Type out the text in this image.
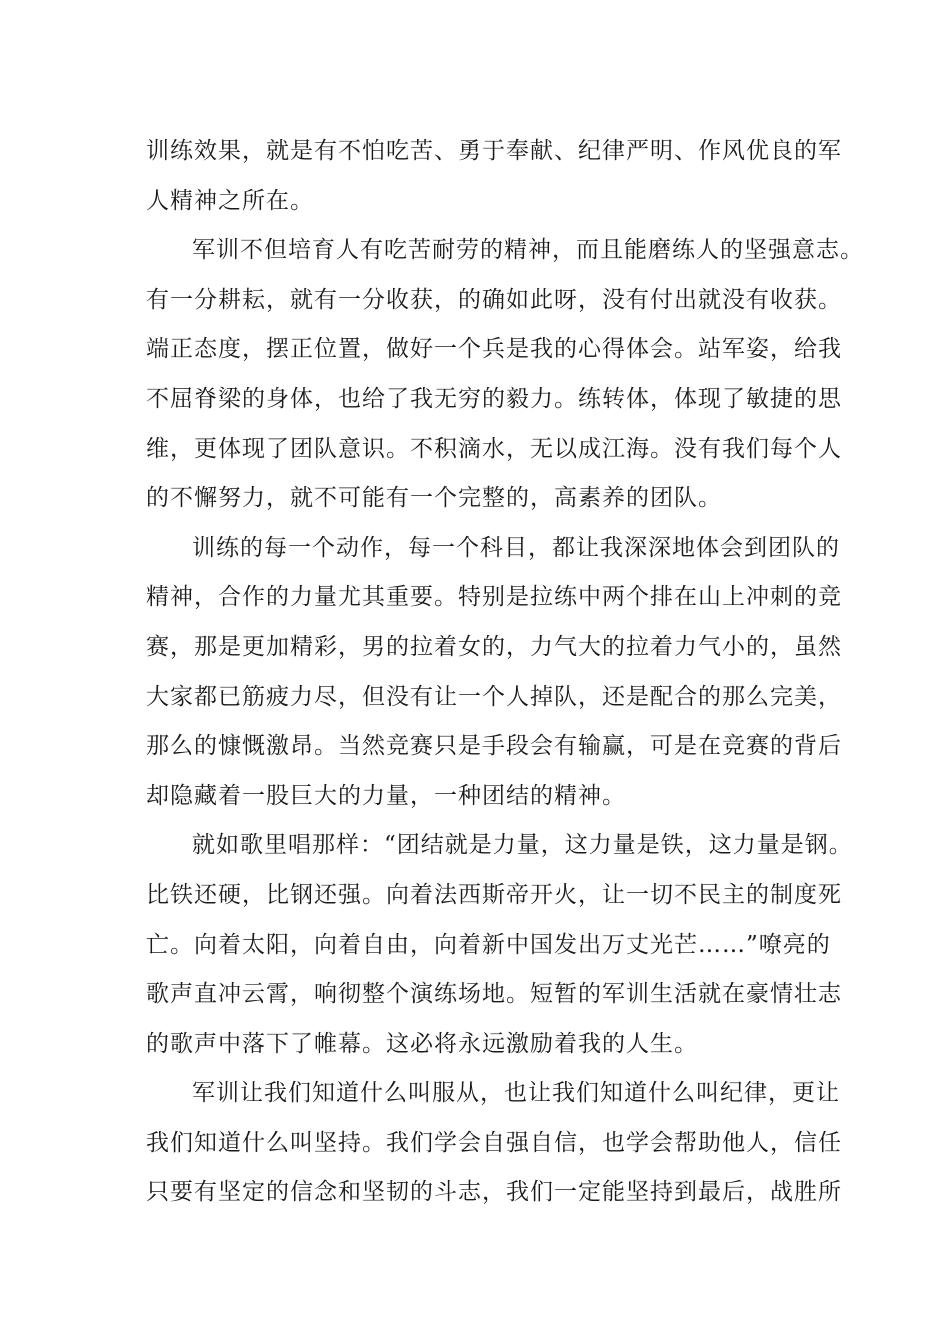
训练效果，就是有不怕吃苦、勇于奉献、纪律严明、作风优良的军
人精神之所在。
军训不但培育人有吃苦耐劳的精神，而且能磨练人的坚强意志。
有一分耕耘，就有一分收获，的确如此呀，没有付出就没有收获。
端正态度，摆正位置，做好一个兵是我的心得体会。站军姿，给我
不屈脊梁的身体，也给了我无穷的毅力。练转体，体现了敏捷的思
维，更体现了团队意识。不积滴水，无以成江海。没有我们每个人
的不懈努力，就不可能有一个完整的，高素养的团队。
训练的每一个动作，每一个科目，都让我深深地体会到团队的
精神，合作的力量尤其重要。特别是拉练中两个排在山上冲刺的竞
赛，那是更加精彩，男的拉着女的，力气大的拉着力气小的，虽然
大家都已筋疲力尽，但没有让一个人掉队，还是配合的那么完美，
那么的慷慨激昂。当然竞赛只是手段会有输赢，可是在竞赛的背后
却隐藏着一股巨大的力量，一种团结的精神。
就如歌里唱那样：“团结就是力量，这力量是铁，这力量是钢。
比铁还硬，比钢还强。向着法西斯帝开火，让一切不民主的制度死
亡。向着太阳，向着自由，向着新中国发出万丈光芒……”嘹亮的
歌声直冲云霄，响彻整个演练场地。短暂的军训生活就在豪情壮志
的歌声中落下了帷幕。这必将永远激励着我的人生。
军训让我们知道什么叫服从，也让我们知道什么叫纪律，更让
我们知道什么叫坚持。我们学会自强自信，也学会帮助他人，信任
只要有坚定的信念和坚韧的斗志，我们一定能坚持到最后，战胜所
